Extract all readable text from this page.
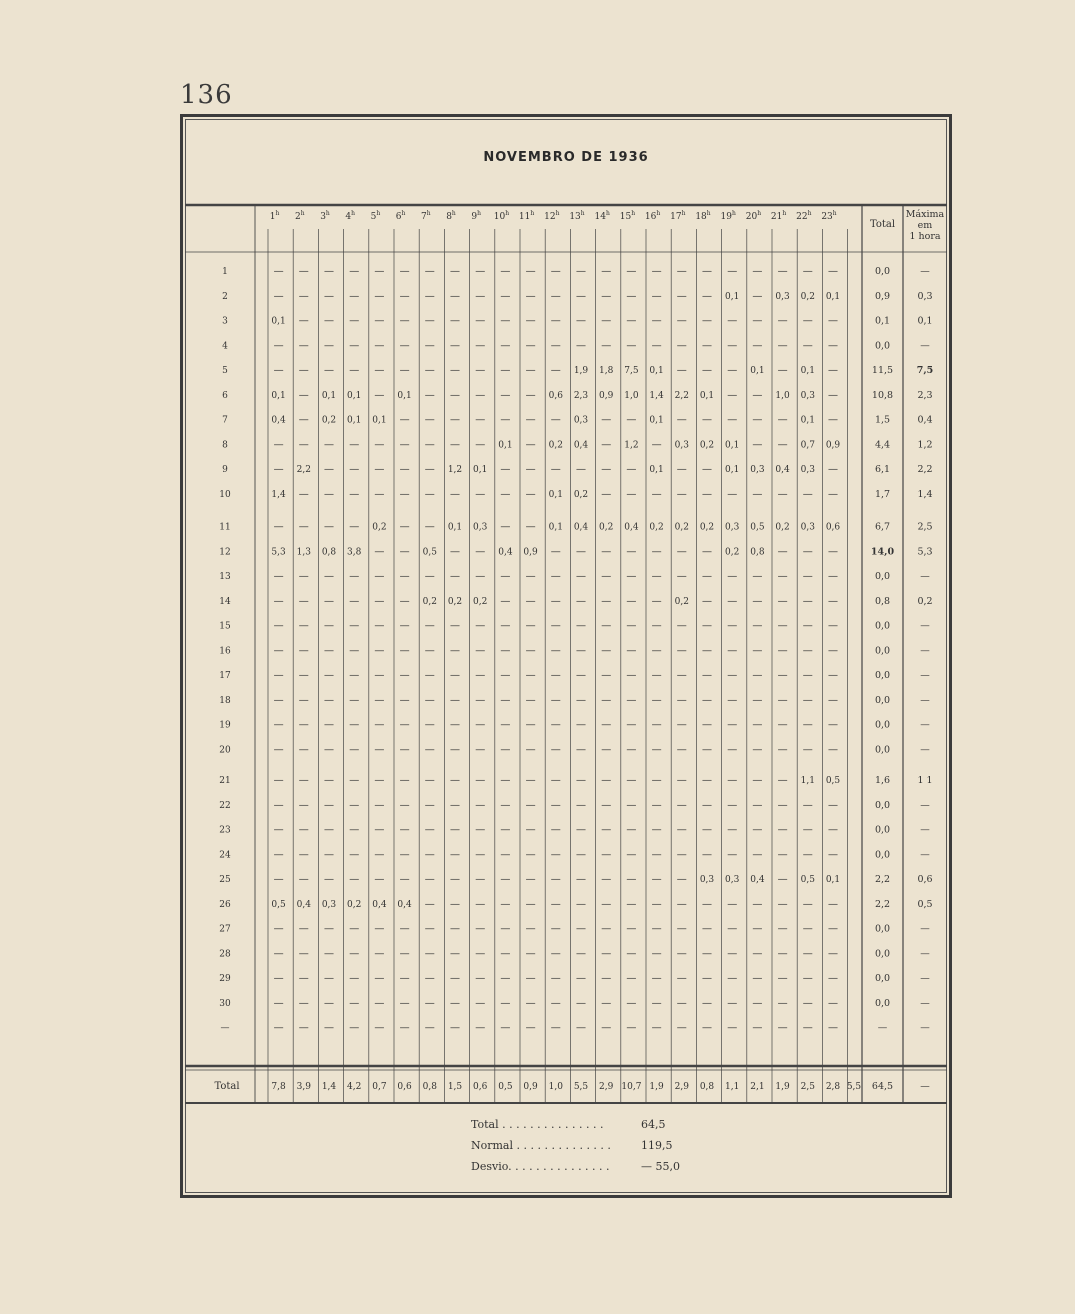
136
NOVEMBRO DE 1936
1$^h$ 2$^h$ 3$^h$ 4$^h$ 5$^h$ 6$^h$ 7$^h$ 8$^h$ 9$^h$ 10$^h$ 11$^h$ 12$^h$ 13$^h$ 14$^h$ 15$^h$ 16$^h$ 17$^h$ 18$^h$ 19$^h$ 20$^h$ 21$^h$ 22$^h$ 23$^h$
Total
Máxima
em
1 hora
1	— — — — — — — — — — — — — — — — — — — — — — —	0,0	—
2	— — — — — — — — — — — — — — — — — — 0,1 — 0,3 0,2 0,1	0,9	0,3
3	0,1 — — — — — — — — — — — — — — — — — — — — — —	0,1	0,1
4	— — — — — — — — — — — — — — — — — — — — — — —	0,0	—
5	— — — — — — — — — — — — 1,9 1,8 7,5 0,1 — — — 0,1 — 0,1 —	11,5 7,5
6	0,1 — 0,1 0,1 — 0,1 — — — — — 0,6 2,3 0,9 1,0 1,4 2,2 0,1 — — 1,0 0,3 —	10,8	2,3
7	0,4 — 0,2 0,1 0,1 — — — — — — — 0,3 — — 0,1 — — — — — 0,1 —	1,5	0,4
8	— — — — — — — — — 0,1 — 0,2 0,4 — 1,2 — 0,3 0,2 0,1 — — 0,7 0,9	4,4	1,2
9	— 2,2 — — — — — 1,2 0,1 — — — — — — 0,1 — — 0,1 0,3 0,4 0,3 —	6,1	2,2
10	1,4 — — — — — — — — — — 0,1 0,2 — — — — — — — — — —	1,7	1,4
11	— — — — 0,2 — — 0,1 0,3 — — 0,1 0,4 0,2 0,4 0,2 0,2 0,2 0,3 0,5 0,2 0,3 0,6	6,7	2,5
12	5,3 1,3 0,8 3,8 — — 0,5 — — 0,4 0,9 — — — — — — — 0,2 0,8 — — —	14,0 5,3
13	— — — — — — — — — — — — — — — — — — — — — — —	0,0	—
14	— — — — — — 0,2 0,2 0,2 — — — — — — — 0,2 — — — — — —	0,8	0,2
15	— — — — — — — — — — — — — — — — — — — — — — —	0,0	—
16	— — — — — — — — — — — — — — — — — — — — — — —	0,0	—
17	— — — — — — — — — — — — — — — — — — — — — — —	0,0	—
18	— — — — — — — — — — — — — — — — — — — — — — —	0,0	—
19	— — — — — — — — — — — — — — — — — — — — — — —	0,0	—
20	— — — — — — — — — — — — — — — — — — — — — — —	0,0	—
21	— — — — — — — — — — — — — — — — — — — — — 1,1 0,5	1,6	1 1
22	— — — — — — — — — — — — — — — — — — — — — — —	0,0	—
23	— — — — — — — — — — — — — — — — — — — — — — —	0,0	—
24	— — — — — — — — — — — — — — — — — — — — — — —	0,0	—
25	— — — — — — — — — — — — — — — — — 0,3 0,3 0,4 — 0,5 0,1	2,2	0,6
26	0,5 0,4 0,3 0,2 0,4 0,4 — — — — — — — — — — — — — — — — —	2,2	0,5
27	— — — — — — — — — — — — — — — — — — — — — — —	0,0	—
28	— — — — — — — — — — — — — — — — — — — — — — —	0,0	—
29	— — — — — — — — — — — — — — — — — — — — — — —	0,0	—
30	— — — — — — — — — — — — — — — — — — — — — — —	0,0	—
—	— — — — — — — — — — — — — — — — — — — — — — —	—	—
Total	7,8 3,9 1,4 4,2 0,7 0,6 0,8 1,5 0,6 0,5 0,9 1,0 5,5 2,9 10,7 1,9 2,9 0,8 1,1 2,1 1,9 2,5 2,8 5,5 64,5	—
Total . . . . . . . . . . . . . . .	64,5
Normal . . . . . . . . . . . . . .	119,5
Desvio. . . . . . . . . . . . . . .	— 55,0
